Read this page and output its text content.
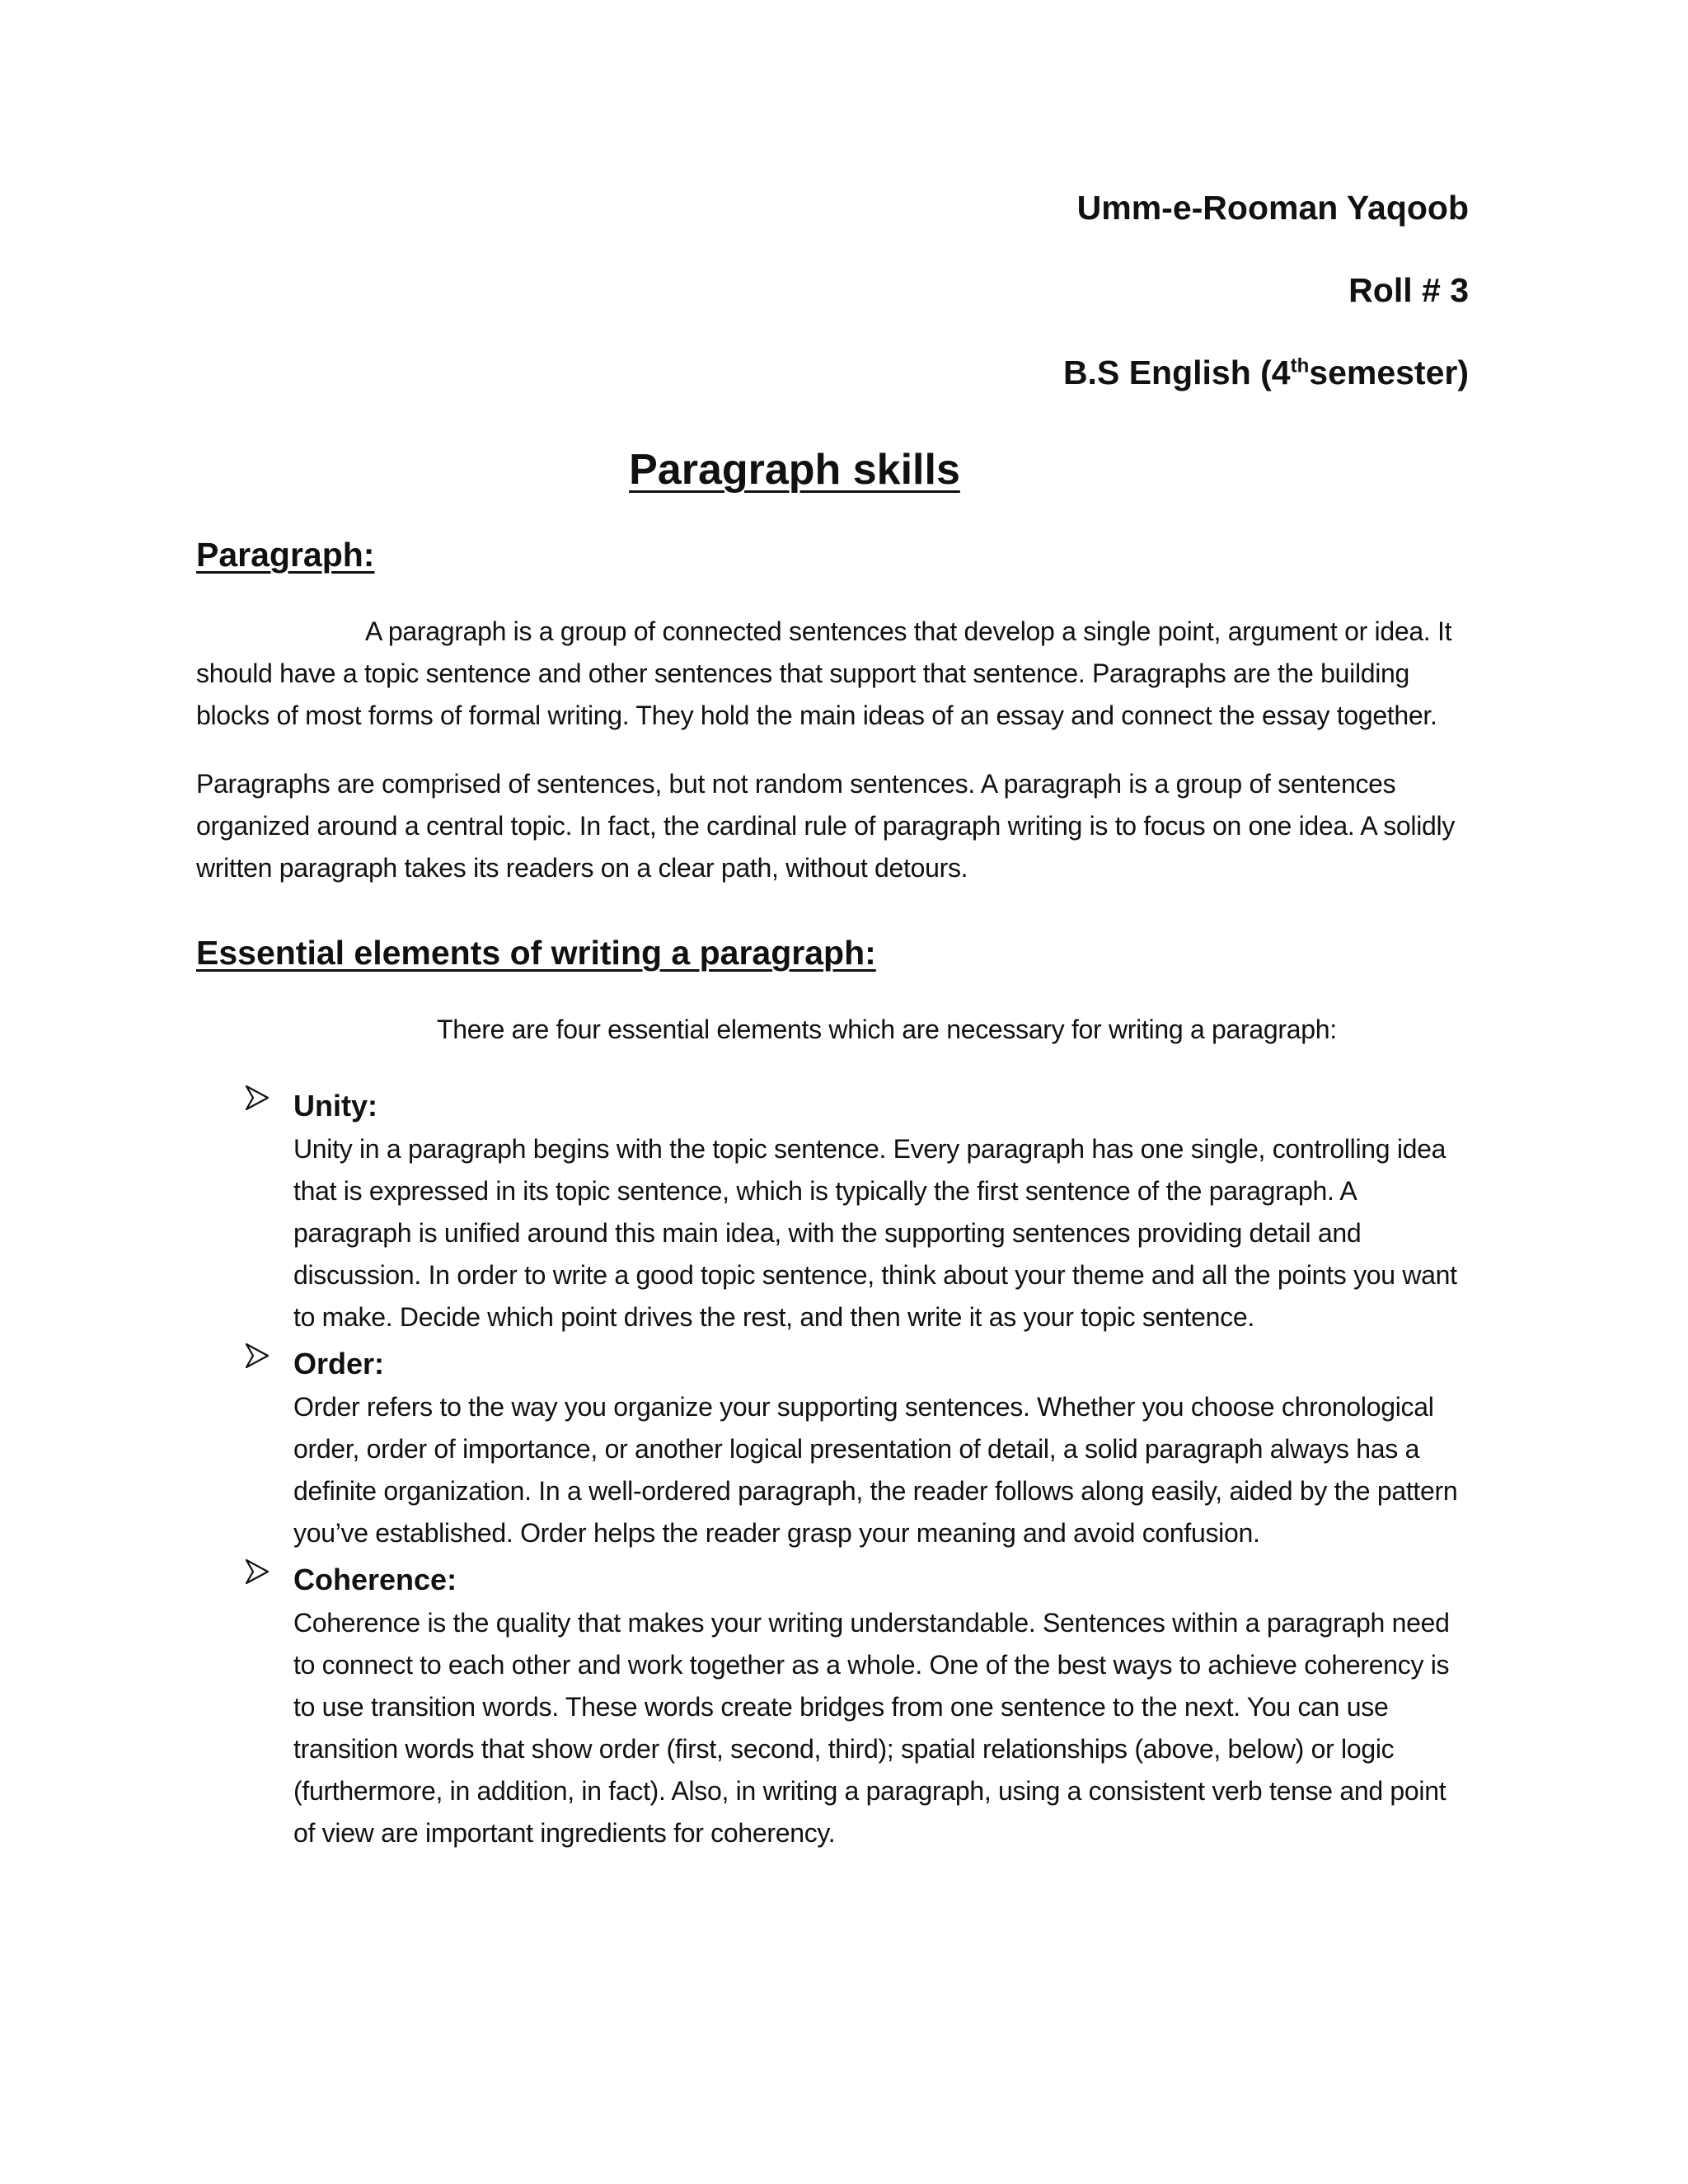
Umm-e-Rooman Yaqoob
Roll # 3
B.S English (4thsemester)
Paragraph skills
Paragraph:

A paragraph is a group of connected sentences that develop a single point, argument or idea. It should have a topic sentence and other sentences that support that sentence. Paragraphs are the building blocks of most forms of formal writing. They hold the main ideas of an essay and connect the essay together.

Paragraphs are comprised of sentences, but not random sentences. A paragraph is a group of sentences organized around a central topic. In fact, the cardinal rule of paragraph writing is to focus on one idea. A solidly written paragraph takes its readers on a clear path, without detours.

Essential elements of writing a paragraph:

There are four essential elements which are necessary for writing a paragraph:

Unity:

Unity in a paragraph begins with the topic sentence. Every paragraph has one single, controlling idea that is expressed in its topic sentence, which is typically the first sentence of the paragraph. A paragraph is unified around this main idea, with the supporting sentences providing detail and discussion. In order to write a good topic sentence, think about your theme and all the points you want to make. Decide which point drives the rest, and then write it as your topic sentence.

Order:

Order refers to the way you organize your supporting sentences. Whether you choose chronological order, order of importance, or another logical presentation of detail, a solid paragraph always has a definite organization. In a well-ordered paragraph, the reader follows along easily, aided by the pattern you’ve established. Order helps the reader grasp your meaning and avoid confusion.

Coherence:

Coherence is the quality that makes your writing understandable. Sentences within a paragraph need to connect to each other and work together as a whole. One of the best ways to achieve coherency is to use transition words. These words create bridges from one sentence to the next. You can use transition words that show order (first, second, third); spatial relationships (above, below) or logic (furthermore, in addition, in fact). Also, in writing a paragraph, using a consistent verb tense and point of view are important ingredients for coherency.
